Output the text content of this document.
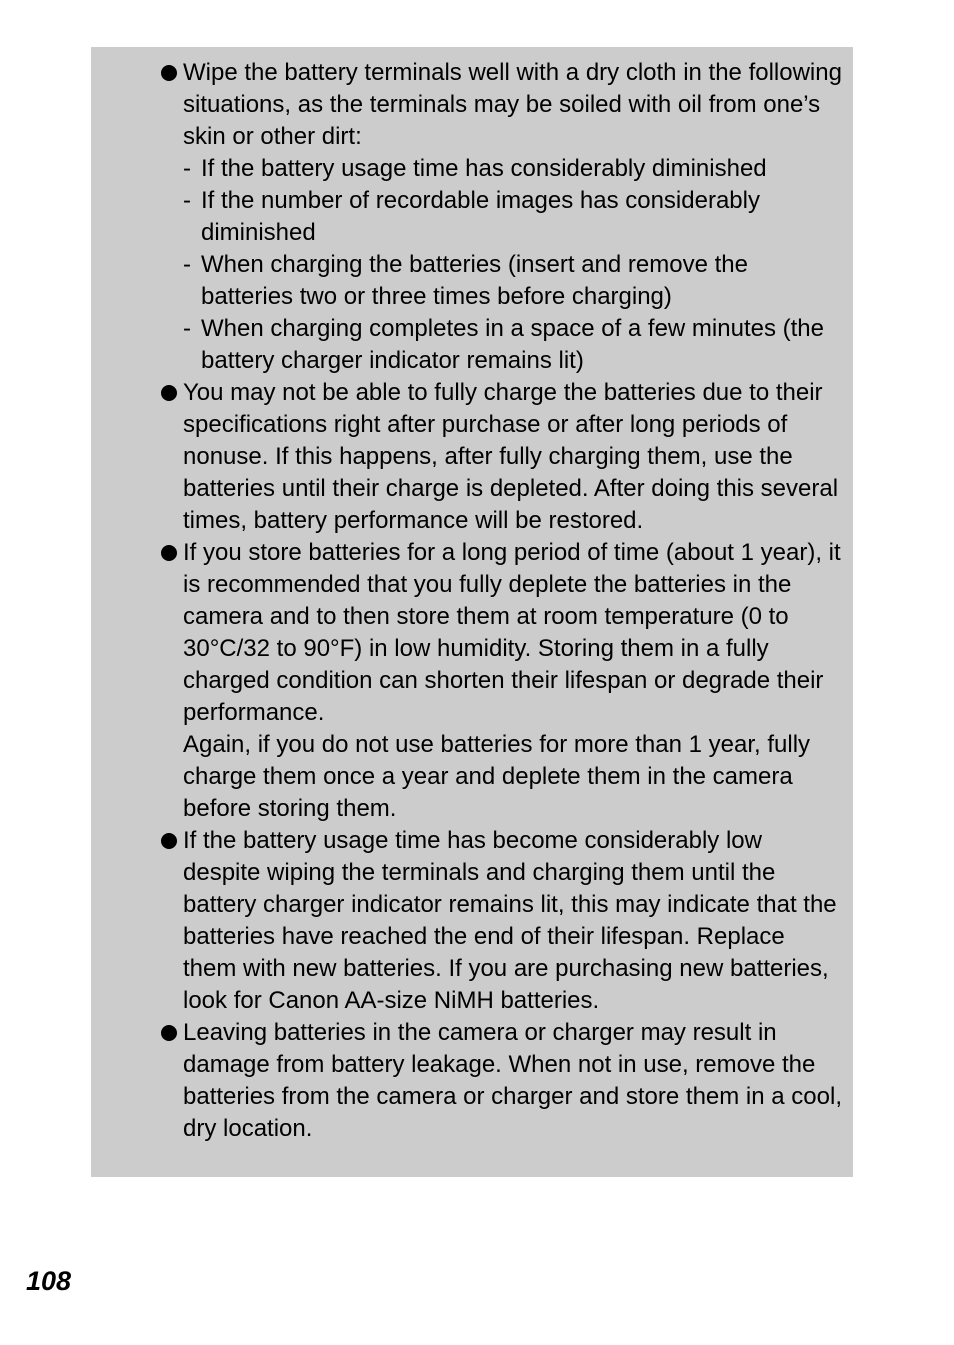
Wipe the battery terminals well with a dry cloth in the following situations, as the terminals may be soiled with oil from one’s skin or other dirt:
- If the battery usage time has considerably diminished
- If the number of recordable images has considerably diminished
- When charging the batteries (insert and remove the batteries two or three times before charging)
- When charging completes in a space of a few minutes (the battery charger indicator remains lit)
You may not be able to fully charge the batteries due to their specifications right after purchase or after long periods of nonuse. If this happens, after fully charging them, use the batteries until their charge is depleted. After doing this several times, battery performance will be restored.
If you store batteries for a long period of time (about 1 year), it is recommended that you fully deplete the batteries in the camera and to then store them at room temperature (0 to 30°C/32 to 90°F) in low humidity. Storing them in a fully charged condition can shorten their lifespan or degrade their performance.
Again, if you do not use batteries for more than 1 year, fully charge them once a year and deplete them in the camera before storing them.
If the battery usage time has become considerably low despite wiping the terminals and charging them until the battery charger indicator remains lit, this may indicate that the batteries have reached the end of their lifespan. Replace them with new batteries. If you are purchasing new batteries, look for Canon AA-size NiMH batteries.
Leaving batteries in the camera or charger may result in damage from battery leakage. When not in use, remove the batteries from the camera or charger and store them in a cool, dry location.
108
